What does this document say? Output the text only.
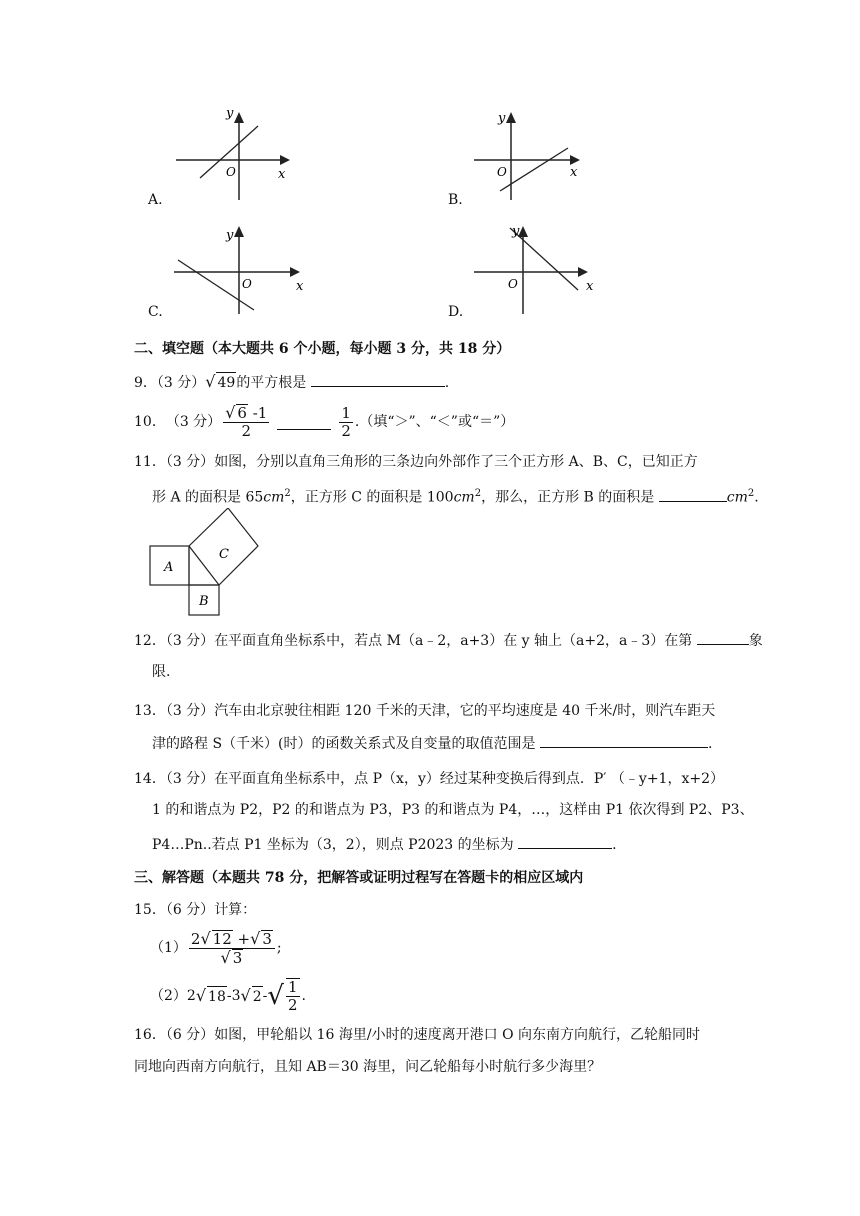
y
O	x
A.
y
O	x
B.
y
O	x
C.
y
O	x
D.
二、填空题（本大题共 6 个小题，每小题 3 分，共 18 分）
9．（3 分）√ 49的平方根是	.
10． （3 分） $\frac{√ 6 -1}{2}$	$\frac{1}{2}$ .（填“＞”、“＜”或“＝”）
11．（3 分）如图，分别以直角三角形的三条边向外部作了三个正方形 A、B、C，已知正方
形 A 的面积是 $65cm^2$，正方形 C 的面积是 $100cm^2$，那么，正方形 B 的面积是	$cm^2$.
A
C
B
12．（3 分）在平面直角坐标系中，若点 M（a﹣2，a+3）在 y 轴上（a+2，a﹣3）在第	象
限.
13．（3 分）汽车由北京驶往相距 120 千米的天津，它的平均速度是 40 千米/时，则汽车距天
津的路程 S（千米）(时）的函数关系式及自变量的取值范围是	.
14．（3 分）在平面直角坐标系中，点 P（x，y）经过某种变换后得到点．P′ （﹣y+1，x+2）
1 的和谐点为 P2，P2 的和谐点为 P3，P3 的和谐点为 P4，…，这样由 P1 依次得到 P2、P3、
P4…Pn..若点 P1 坐标为（3，2），则点 P2023 的坐标为	.
三、解答题（本题共 78 分，把解答或证明过程写在答题卡的相应区域内
15．（6 分）计算：
$(1) \frac{2√ 12 +√ 3}{√ 3}$ ;
（2） 2 √ 18 -3 √ 2 - √ $\frac{1}{2}$ .
16．（6 分）如图，甲轮船以 16 海里/小时的速度离开港口 O 向东南方向航行，乙轮船同时
同地向西南方向航行，且知 AB＝30 海里，问乙轮船每小时航行多少海里？
